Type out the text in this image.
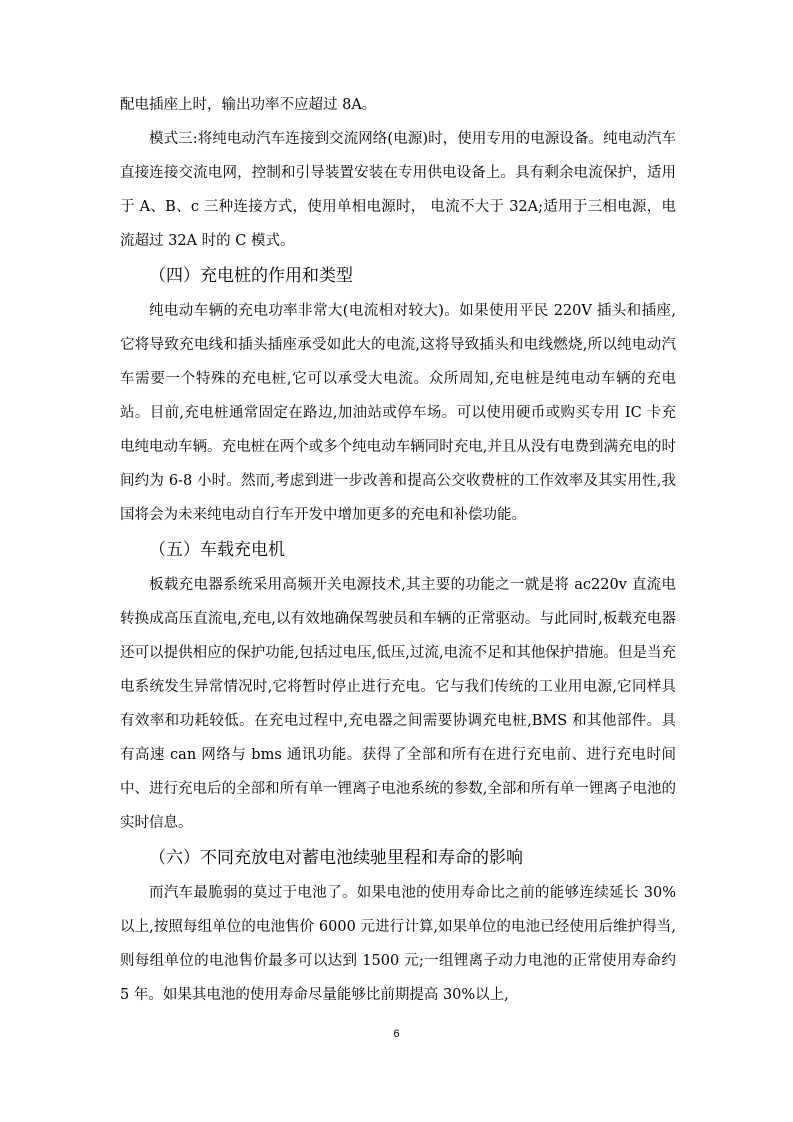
配电插座上时，输出功率不应超过 8A。

模式三:将纯电动汽车连接到交流网络(电源)时，使用专用的电源设备。纯电动汽车直接连接交流电网，控制和引导装置安装在专用供电设备上。具有剩余电流保护，适用于 A、B、c 三种连接方式，使用单相电源时， 电流不大于 32A;适用于三相电源，电流超过 32A 时的 C 模式。

（四）充电桩的作用和类型

纯电动车辆的充电功率非常大(电流相对较大)。如果使用平民 220V 插头和插座,它将导致充电线和插头插座承受如此大的电流,这将导致插头和电线燃烧,所以纯电动汽车需要一个特殊的充电桩,它可以承受大电流。众所周知,充电桩是纯电动车辆的充电站。目前,充电桩通常固定在路边,加油站或停车场。可以使用硬币或购买专用 IC 卡充电纯电动车辆。充电桩在两个或多个纯电动车辆同时充电,并且从没有电费到满充电的时间约为 6-8 小时。然而,考虑到进一步改善和提高公交收费桩的工作效率及其实用性,我国将会为未来纯电动自行车开发中增加更多的充电和补偿功能。

（五）车载充电机

板载充电器系统采用高频开关电源技术,其主要的功能之一就是将 ac220v 直流电转换成高压直流电,充电,以有效地确保驾驶员和车辆的正常驱动。与此同时,板载充电器还可以提供相应的保护功能,包括过电压,低压,过流,电流不足和其他保护措施。但是当充电系统发生异常情况时,它将暂时停止进行充电。它与我们传统的工业用电源,它同样具有效率和功耗较低。在充电过程中,充电器之间需要协调充电桩,BMS 和其他部件。具有高速 can 网络与 bms 通讯功能。获得了全部和所有在进行充电前、进行充电时间中、进行充电后的全部和所有单一锂离子电池系统的参数,全部和所有单一锂离子电池的实时信息。

（六）不同充放电对蓄电池续驰里程和寿命的影响

而汽车最脆弱的莫过于电池了。如果电池的使用寿命比之前的能够连续延长 30%以上,按照每组单位的电池售价 6000 元进行计算,如果单位的电池已经使用后维护得当,则每组单位的电池售价最多可以达到 1500 元;一组锂离子动力电池的正常使用寿命约 5 年。如果其电池的使用寿命尽量能够比前期提高 30%以上,

6
